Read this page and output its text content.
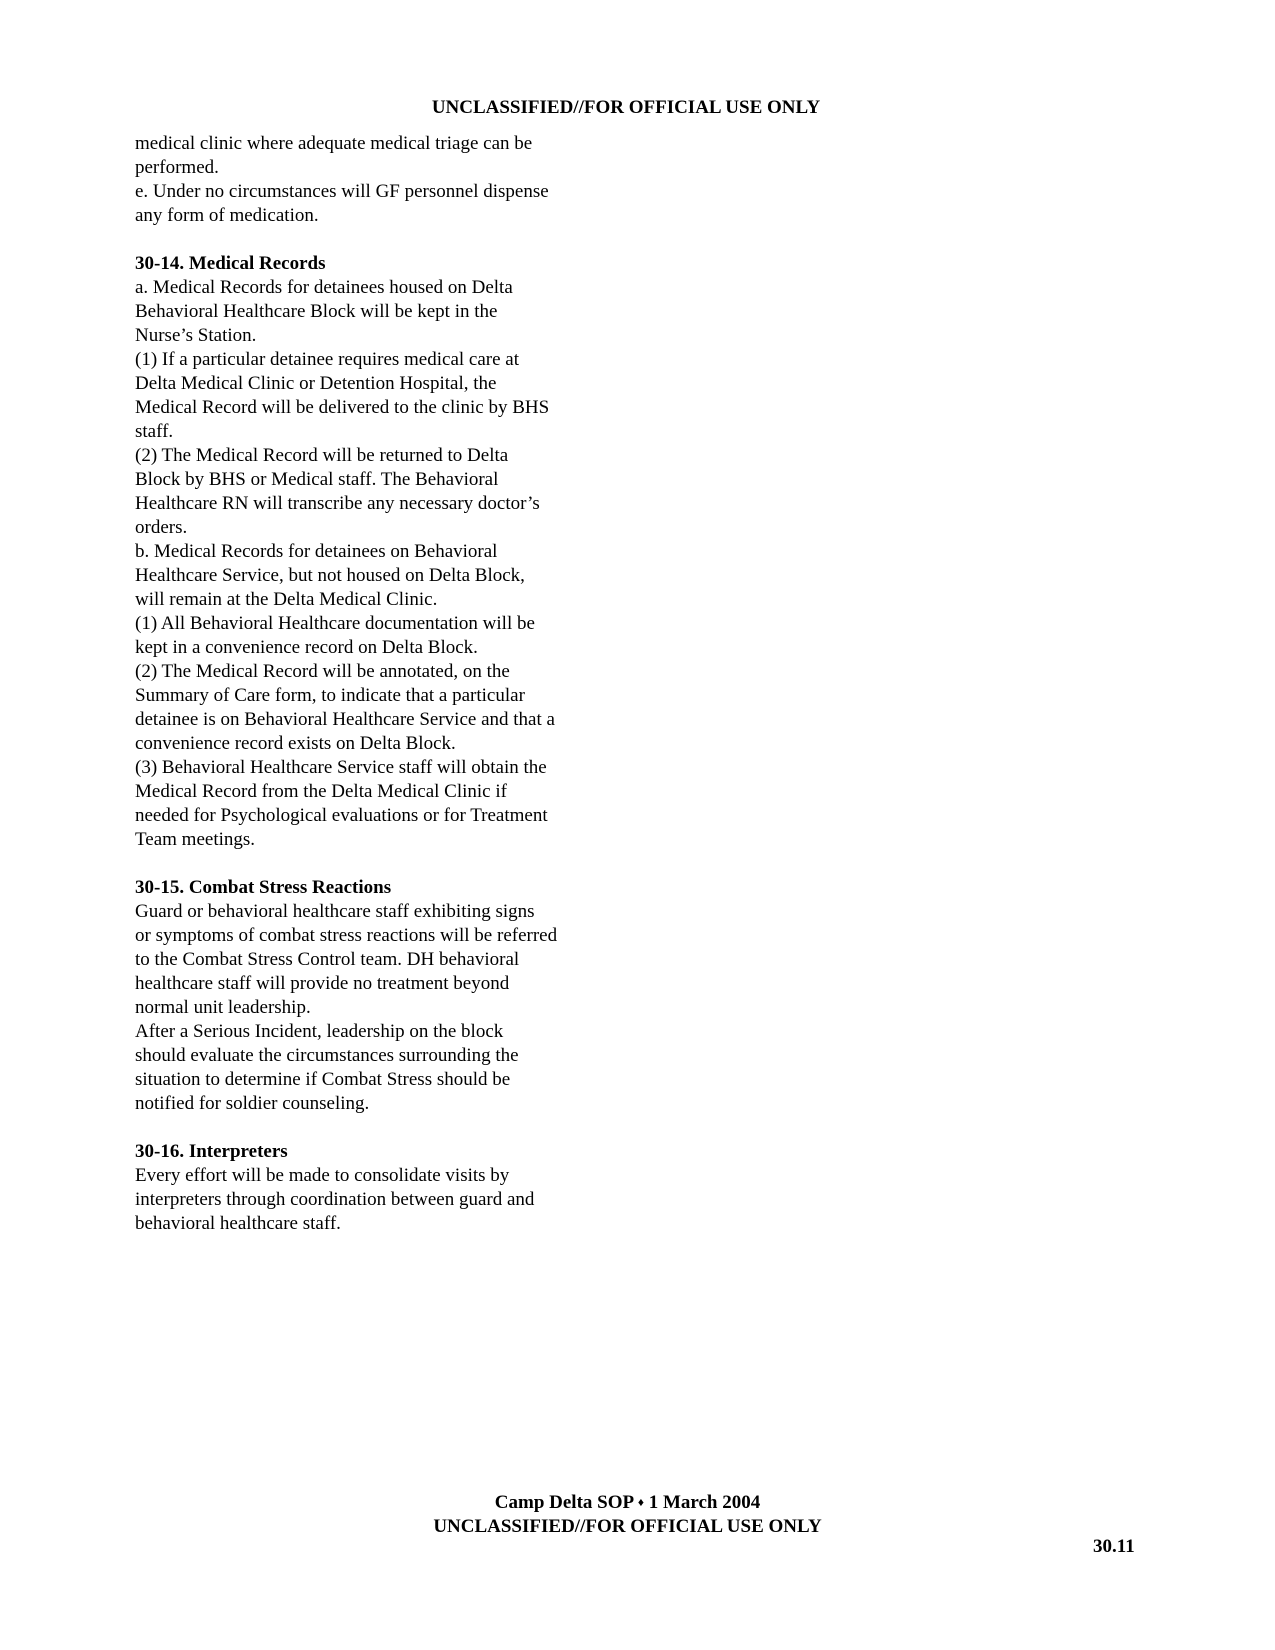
UNCLASSIFIED//FOR OFFICIAL USE ONLY

medical clinic where adequate medical triage can be
performed.

e. Under no circumstances will GF personnel dispense
any form of medication.

30-14. Medical Records

a. Medical Records for detainees housed on Delta
Behavioral Healthcare Block will be kept in the
Nurse’s Station.

(1) If a particular detainee requires medical care at
Delta Medical Clinic or Detention Hospital, the
Medical Record will be delivered to the clinic by BHS
staff.

(2) The Medical Record will be returned to Delta
Block by BHS or Medical staff. The Behavioral
Healthcare RN will transcribe any necessary doctor’s
orders.

b. Medical Records for detainees on Behavioral
Healthcare Service, but not housed on Delta Block,
will remain at the Delta Medical Clinic.

(1) All Behavioral Healthcare documentation will be
kept in a convenience record on Delta Block.

(2) The Medical Record will be annotated, on the
Summary of Care form, to indicate that a particular
detainee is on Behavioral Healthcare Service and that a
convenience record exists on Delta Block.

(3) Behavioral Healthcare Service staff will obtain the
Medical Record from the Delta Medical Clinic if
needed for Psychological evaluations or for Treatment
Team meetings.

30-15. Combat Stress Reactions

Guard or behavioral healthcare staff exhibiting signs
or symptoms of combat stress reactions will be referred
to the Combat Stress Control team. DH behavioral
healthcare staff will provide no treatment beyond
normal unit leadership.

After a Serious Incident, leadership on the block
should evaluate the circumstances surrounding the
situation to determine if Combat Stress should be
notified for soldier counseling.

30-16. Interpreters

Every effort will be made to consolidate visits by
interpreters through coordination between guard and
behavioral healthcare staff.

Camp Delta SOP ♦ 1 March 2004
UNCLASSIFIED//FOR OFFICIAL USE ONLY
30.11
